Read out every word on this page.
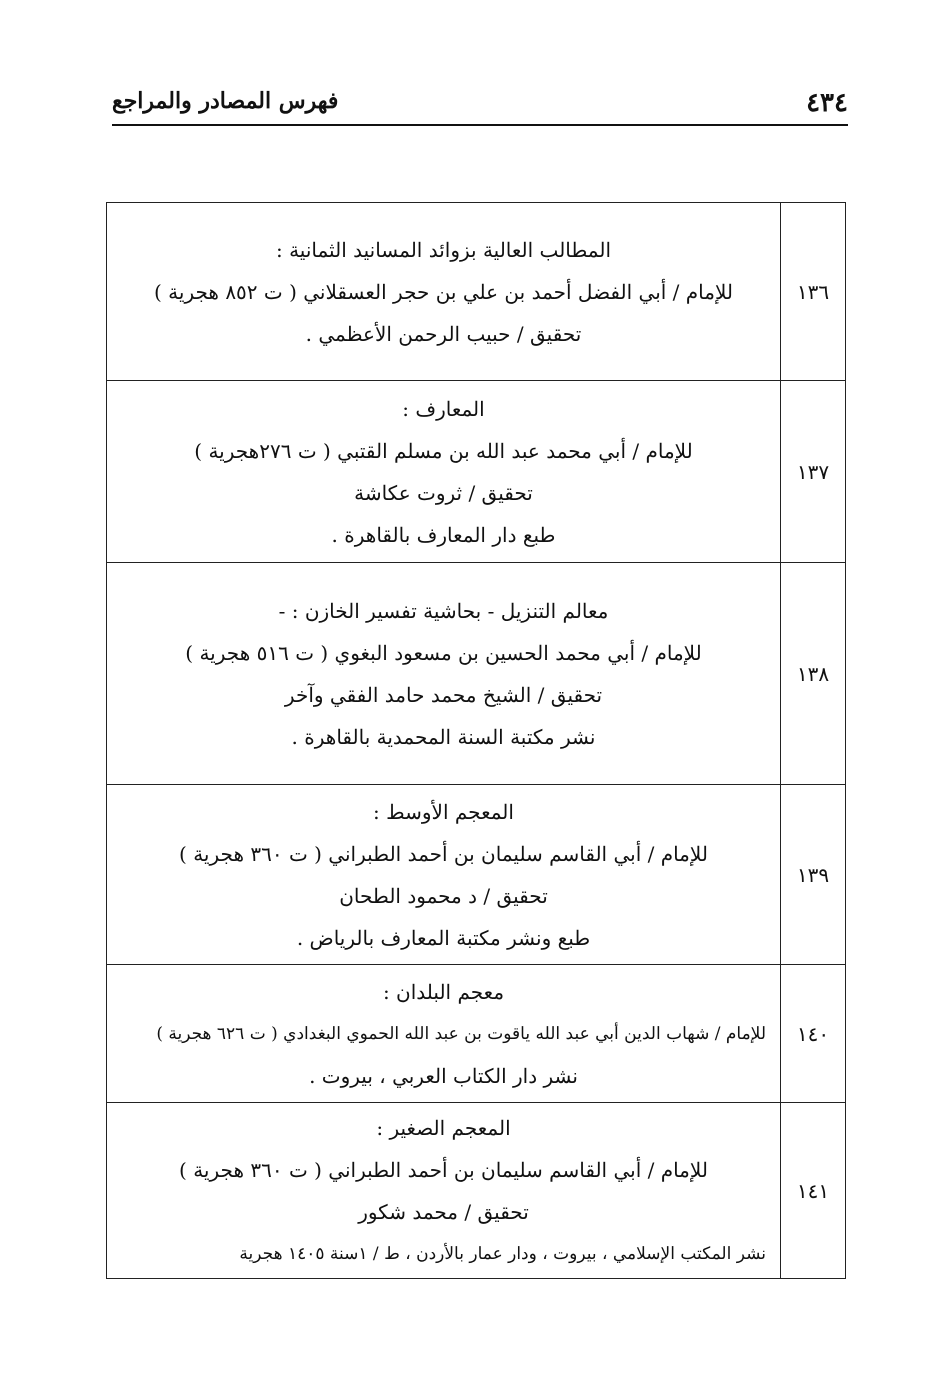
٤٣٤
فهرس المصادر والمراجع
١٣٦	المطالب العالية بزوائد المسانيد الثمانية :
للإمام / أبي الفضل أحمد بن علي بن حجر العسقلاني ( ت ٨٥٢ هجرية )
تحقيق / حبيب الرحمن الأعظمي .

١٣٧	المعارف :
للإمام / أبي محمد عبد الله بن مسلم القتبي ( ت ٢٧٦هجرية )
تحقيق / ثروت عكاشة
طبع دار المعارف بالقاهرة .

١٣٨	معالم التنزيل - بحاشية تفسير الخازن : -
للإمام / أبي محمد الحسين بن مسعود البغوي ( ت ٥١٦ هجرية )
تحقيق / الشيخ محمد حامد الفقي وآخر
نشر مكتبة السنة المحمدية بالقاهرة .

١٣٩	المعجم الأوسط :
للإمام / أبي القاسم سليمان بن أحمد الطبراني ( ت ٣٦٠ هجرية )
تحقيق / د محمود الطحان
طبع ونشر مكتبة المعارف بالرياض .

١٤٠	معجم البلدان :
للإمام / شهاب الدين أبي عبد الله ياقوت بن عبد الله الحموي البغدادي ( ت ٦٢٦ هجرية )
نشر دار الكتاب العربي ، بيروت .

١٤١	المعجم الصغير :
للإمام / أبي القاسم سليمان بن أحمد الطبراني ( ت ٣٦٠ هجرية )
تحقيق / محمد شكور
نشر المكتب الإسلامي ، بيروت ، ودار عمار بالأردن ، ط / ١سنة ١٤٠٥ هجرية
